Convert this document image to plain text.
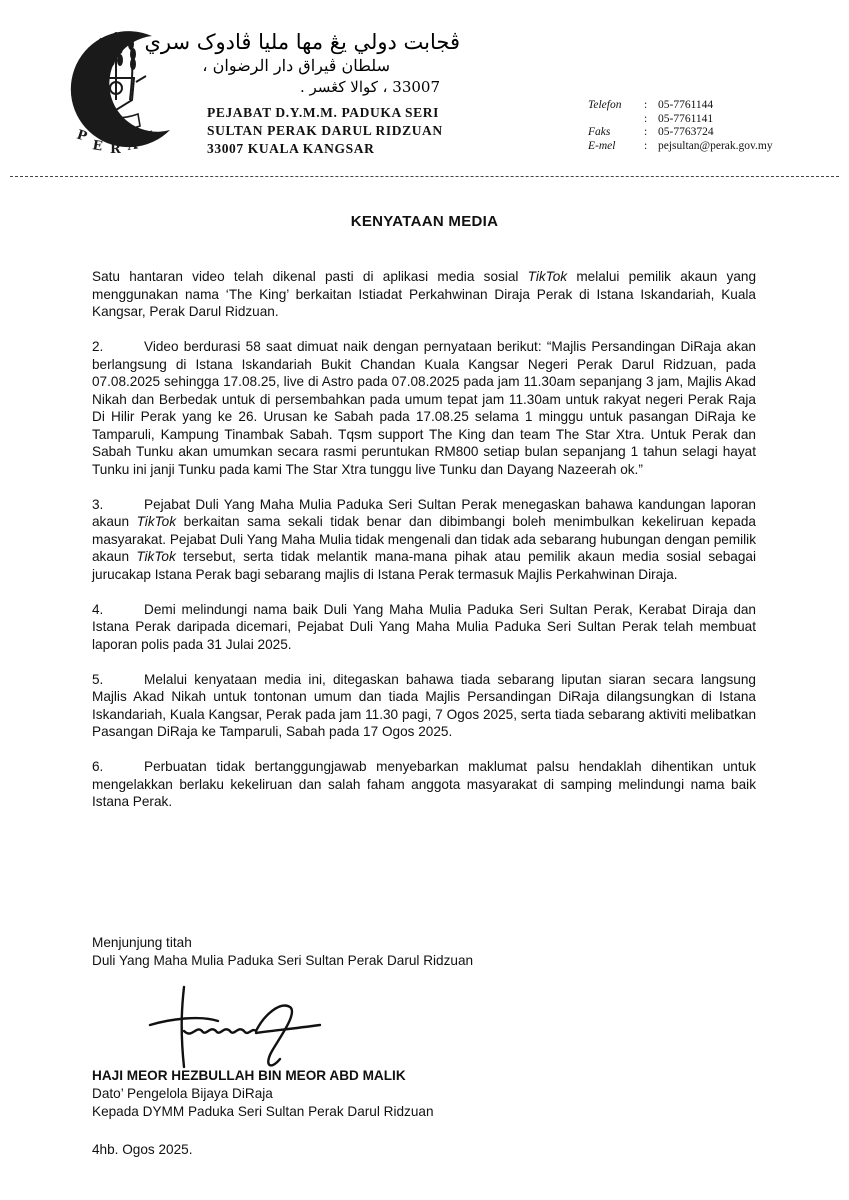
ڤيراق
P
E R A K
ڤجابت دولي يڠ مها مليا ڤادوک سري
سلطان ڤيراق دار الرضوان ،
33007 ، كوالا كڠسر .
PEJABAT D.Y.M.M. PADUKA SERI
SULTAN PERAK DARUL RIDZUAN
33007 KUALA KANGSAR
Telefon	: 05-7761144
: 05-7761141
Faks	: 05-7763724
E-mel	: pejsultan@perak.gov.my
KENYATAAN MEDIA

Satu hantaran video telah dikenal pasti di aplikasi media sosial TikTok melalui pemilik akaun yang menggunakan nama ‘The King’ berkaitan Istiadat Perkahwinan Diraja Perak di Istana Iskandariah, Kuala Kangsar, Perak Darul Ridzuan.

2.	Video berdurasi 58 saat dimuat naik dengan pernyataan berikut: “Majlis Persandingan DiRaja akan berlangsung di Istana Iskandariah Bukit Chandan Kuala Kangsar Negeri Perak Darul Ridzuan, pada 07.08.2025 sehingga 17.08.25, live di Astro pada 07.08.2025 pada jam 11.30am sepanjang 3 jam, Majlis Akad Nikah dan Berbedak untuk di persembahkan pada umum tepat jam 11.30am untuk rakyat negeri Perak Raja Di Hilir Perak yang ke 26. Urusan ke Sabah pada 17.08.25 selama 1 minggu untuk pasangan DiRaja ke Tamparuli, Kampung Tinambak Sabah. Tqsm support The King dan team The Star Xtra. Untuk Perak dan Sabah Tunku akan umumkan secara rasmi peruntukan RM800 setiap bulan sepanjang 1 tahun selagi hayat Tunku ini janji Tunku pada kami The Star Xtra tunggu live Tunku dan Dayang Nazeerah ok.”

3.	Pejabat Duli Yang Maha Mulia Paduka Seri Sultan Perak menegaskan bahawa kandungan laporan akaun TikTok berkaitan sama sekali tidak benar dan dibimbangi boleh menimbulkan kekeliruan kepada masyarakat. Pejabat Duli Yang Maha Mulia tidak mengenali dan tidak ada sebarang hubungan dengan pemilik akaun TikTok tersebut, serta tidak melantik mana-mana pihak atau pemilik akaun media sosial sebagai jurucakap Istana Perak bagi sebarang majlis di Istana Perak termasuk Majlis Perkahwinan Diraja.

4.	Demi melindungi nama baik Duli Yang Maha Mulia Paduka Seri Sultan Perak, Kerabat Diraja dan Istana Perak daripada dicemari, Pejabat Duli Yang Maha Mulia Paduka Seri Sultan Perak telah membuat laporan polis pada 31 Julai 2025.

5.	Melalui kenyataan media ini, ditegaskan bahawa tiada sebarang liputan siaran secara langsung Majlis Akad Nikah untuk tontonan umum dan tiada Majlis Persandingan DiRaja dilangsungkan di Istana Iskandariah, Kuala Kangsar, Perak pada jam 11.30 pagi, 7 Ogos 2025, serta tiada sebarang aktiviti melibatkan Pasangan DiRaja ke Tamparuli, Sabah pada 17 Ogos 2025.

6.	Perbuatan tidak bertanggungjawab menyebarkan maklumat palsu hendaklah dihentikan untuk mengelakkan berlaku kekeliruan dan salah faham anggota masyarakat di samping melindungi nama baik Istana Perak.

Menjunjung titah
Duli Yang Maha Mulia Paduka Seri Sultan Perak Darul Ridzuan
HAJI MEOR HEZBULLAH BIN MEOR ABD MALIK
Dato’ Pengelola Bijaya DiRaja
Kepada DYMM Paduka Seri Sultan Perak Darul Ridzuan
4hb. Ogos 2025.
